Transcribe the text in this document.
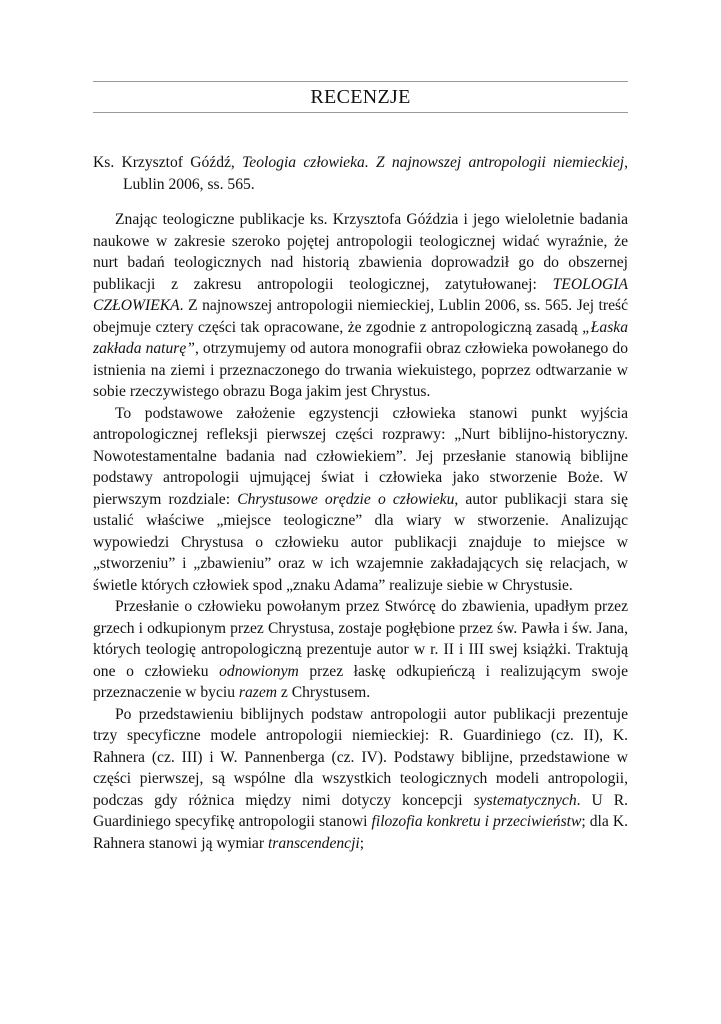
RECENZJE
Ks. Krzysztof Góźdź, Teologia człowieka. Z najnowszej antropologii niemieckiej, Lublin 2006, ss. 565.

Znając teologiczne publikacje ks. Krzysztofa Góździa i jego wieloletnie badania naukowe w zakresie szeroko pojętej antropologii teologicznej widać wyraźnie, że nurt badań teologicznych nad historią zbawienia doprowadził go do obszernej publikacji z zakresu antropologii teologicznej, zatytułowanej: TEOLOGIA CZŁOWIEKA. Z najnowszej antropologii niemieckiej, Lublin 2006, ss. 565. Jej treść obejmuje cztery części tak opracowane, że zgodnie z antropologiczną zasadą „Łaska zakłada naturę”, otrzymujemy od autora monografii obraz człowieka powołanego do istnienia na ziemi i przeznaczonego do trwania wiekuistego, poprzez odtwarzanie w sobie rzeczywistego obrazu Boga jakim jest Chrystus.

To podstawowe założenie egzystencji człowieka stanowi punkt wyjścia antropologicznej refleksji pierwszej części rozprawy: „Nurt biblijno-historyczny. Nowotestamentalne badania nad człowiekiem”. Jej przesłanie stanowią biblijne podstawy antropologii ujmującej świat i człowieka jako stworzenie Boże. W pierwszym rozdziale: Chrystusowe orędzie o człowieku, autor publikacji stara się ustalić właściwe „miejsce teologiczne” dla wiary w stworzenie. Analizując wypowiedzi Chrystusa o człowieku autor publikacji znajduje to miejsce w „stworzeniu” i „zbawieniu” oraz w ich wzajemnie zakładających się relacjach, w świetle których człowiek spod „znaku Adama” realizuje siebie w Chrystusie.

Przesłanie o człowieku powołanym przez Stwórcę do zbawienia, upadłym przez grzech i odkupionym przez Chrystusa, zostaje pogłębione przez św. Pawła i św. Jana, których teologię antropologiczną prezentuje autor w r. II i III swej książki. Traktują one o człowieku odnowionym przez łaskę odkupieńczą i realizującym swoje przeznaczenie w byciu razem z Chrystusem.

Po przedstawieniu biblijnych podstaw antropologii autor publikacji prezentuje trzy specyficzne modele antropologii niemieckiej: R. Guardiniego (cz. II), K. Rahnera (cz. III) i W. Pannenberga (cz. IV). Podstawy biblijne, przedstawione w części pierwszej, są wspólne dla wszystkich teologicznych modeli antropologii, podczas gdy różnica między nimi dotyczy koncepcji systematycznych. U R. Guardiniego specyfikę antropologii stanowi filozofia konkretu i przeciwieństw; dla K. Rahnera stanowi ją wymiar transcendencji;
